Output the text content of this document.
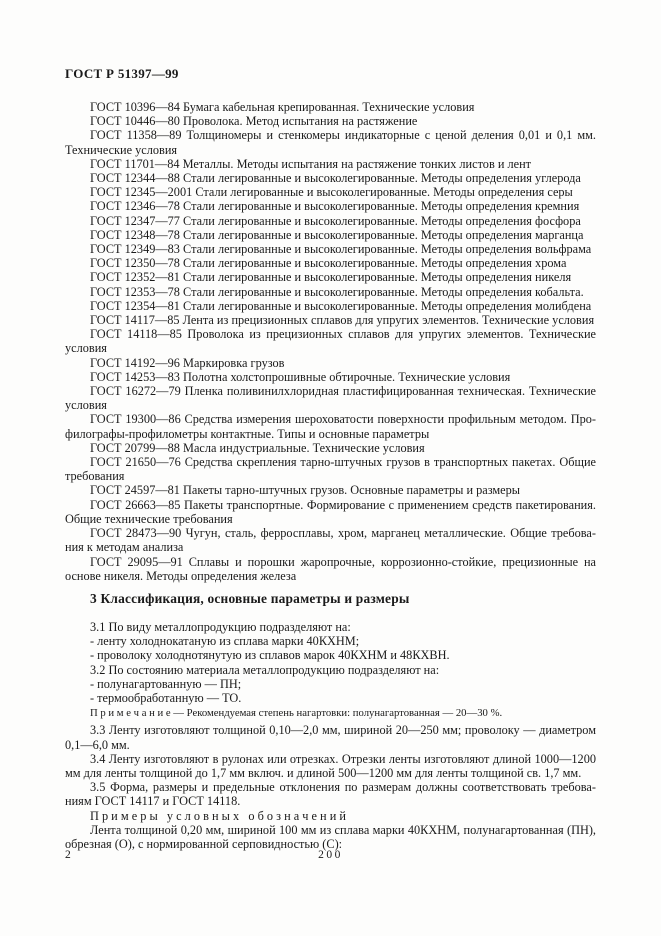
ГОСТ Р 51397—99

ГОСТ 10396—84 Бумага кабельная крепированная. Технические условия

ГОСТ 10446—80 Проволока. Метод испытания на растяжение

ГОСТ 11358—89 Толщиномеры и стенкомеры индикаторные с ценой деления 0,01 и 0,1 мм. Технические условия

ГОСТ 11701—84 Металлы. Методы испытания на растяжение тонких листов и лент

ГОСТ 12344—88 Стали легированные и высоколегированные. Методы определения углерода

ГОСТ 12345—2001 Стали легированные и высоколегированные. Методы определения серы

ГОСТ 12346—78 Стали легированные и высоколегированные. Методы определения кремния

ГОСТ 12347—77 Стали легированные и высоколегированные. Методы определения фосфора

ГОСТ 12348—78 Стали легированные и высоколегированные. Методы определения марганца

ГОСТ 12349—83 Стали легированные и высоколегированные. Методы определения вольфрама

ГОСТ 12350—78 Стали легированные и высоколегированные. Методы определения хрома

ГОСТ 12352—81 Стали легированные и высоколегированные. Методы определения никеля

ГОСТ 12353—78 Стали легированные и высоколегированные. Методы определения кобальта.

ГОСТ 12354—81 Стали легированные и высоколегированные. Методы определения молибдена

ГОСТ 14117—85 Лента из прецизионных сплавов для упругих элементов. Технические условия

ГОСТ 14118—85 Проволока из прецизионных сплавов для упругих элементов. Технические условия

ГОСТ 14192—96 Маркировка грузов

ГОСТ 14253—83 Полотна холстопрошивные обтирочные. Технические условия

ГОСТ 16272—79 Пленка поливинилхлоридная пластифицированная техническая. Технические условия

ГОСТ 19300—86 Средства измерения шероховатости поверхности профильным методом. Профилографы-профилометры контактные. Типы и основные параметры

ГОСТ 20799—88 Масла индустриальные. Технические условия

ГОСТ 21650—76 Средства скрепления тарно-штучных грузов в транспортных пакетах. Общие требования

ГОСТ 24597—81 Пакеты тарно-штучных грузов. Основные параметры и размеры

ГОСТ 26663—85 Пакеты транспортные. Формирование с применением средств пакетирования. Общие технические требования

ГОСТ 28473—90 Чугун, сталь, ферросплавы, хром, марганец металлические. Общие требования к методам анализа

ГОСТ 29095—91 Сплавы и порошки жаропрочные, коррозионно-стойкие, прецизионные на основе никеля. Методы определения железа

3 Классификация, основные параметры и размеры

3.1 По виду металлопродукцию подразделяют на:

- ленту холоднокатаную из сплава марки 40КХНМ;

- проволоку холоднотянутую из сплавов марок 40КХНМ и 48КХВН.

3.2 По состоянию материала металлопродукцию подразделяют на:

- полунагартованную — ПН;

- термообработанную — ТО.

П р и м е ч а н и е — Рекомендуемая степень нагартовки: полунагартованная — 20—30 %.

3.3 Ленту изготовляют толщиной 0,10—2,0 мм, шириной 20—250 мм; проволоку — диаметром 0,1—6,0 мм.

3.4 Ленту изготовляют в рулонах или отрезках. Отрезки ленты изготовляют длиной 1000—1200 мм для ленты толщиной до 1,7 мм включ. и длиной 500—1200 мм для ленты толщиной св. 1,7 мм.

3.5 Форма, размеры и предельные отклонения по размерам должны соответствовать требованиям ГОСТ 14117 и ГОСТ 14118.

П р и м е р ы   у с л о в н ы х   о б о з н а ч е н и й

Лента толщиной 0,20 мм, шириной 100 мм из сплава марки 40КХНМ, полунагартованная (ПН), обрезная (О), с нормированной серповидностью (С):

2	200
